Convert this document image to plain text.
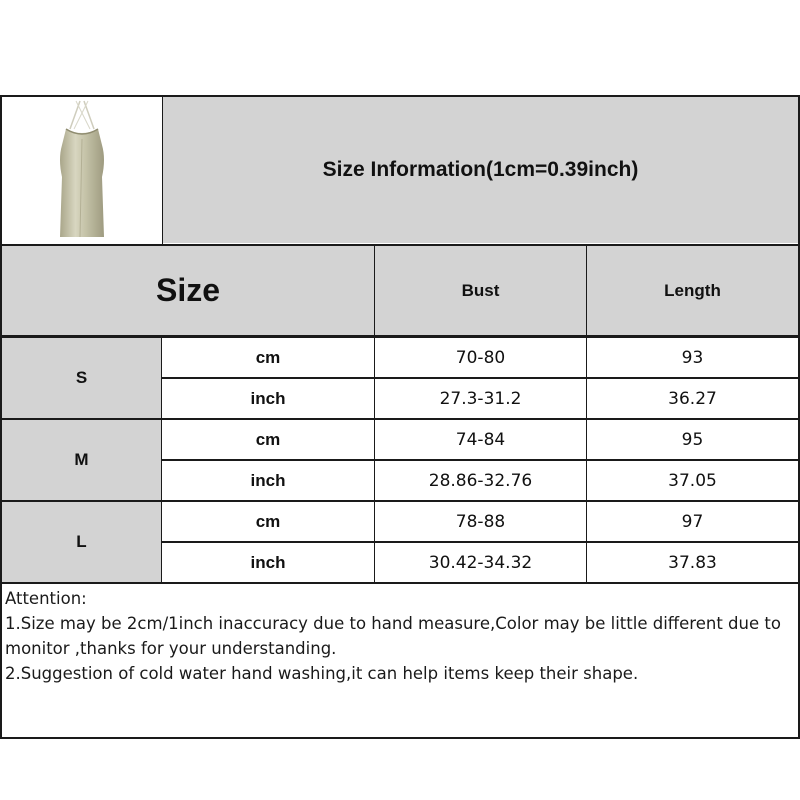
Size Information(1cm=0.39inch)
Size	Bust	Length
S
cm	70-80	93
inch	27.3-31.2	36.27
M
cm	74-84	95
inch	28.86-32.76	37.05
L
cm	78-88	97
inch	30.42-34.32	37.83
Attention:
1.Size may be 2cm/1inch inaccuracy due to hand measure,Color may be little different due to
monitor ,thanks for your understanding.
2.Suggestion of cold water hand washing,it can help items keep their shape.
